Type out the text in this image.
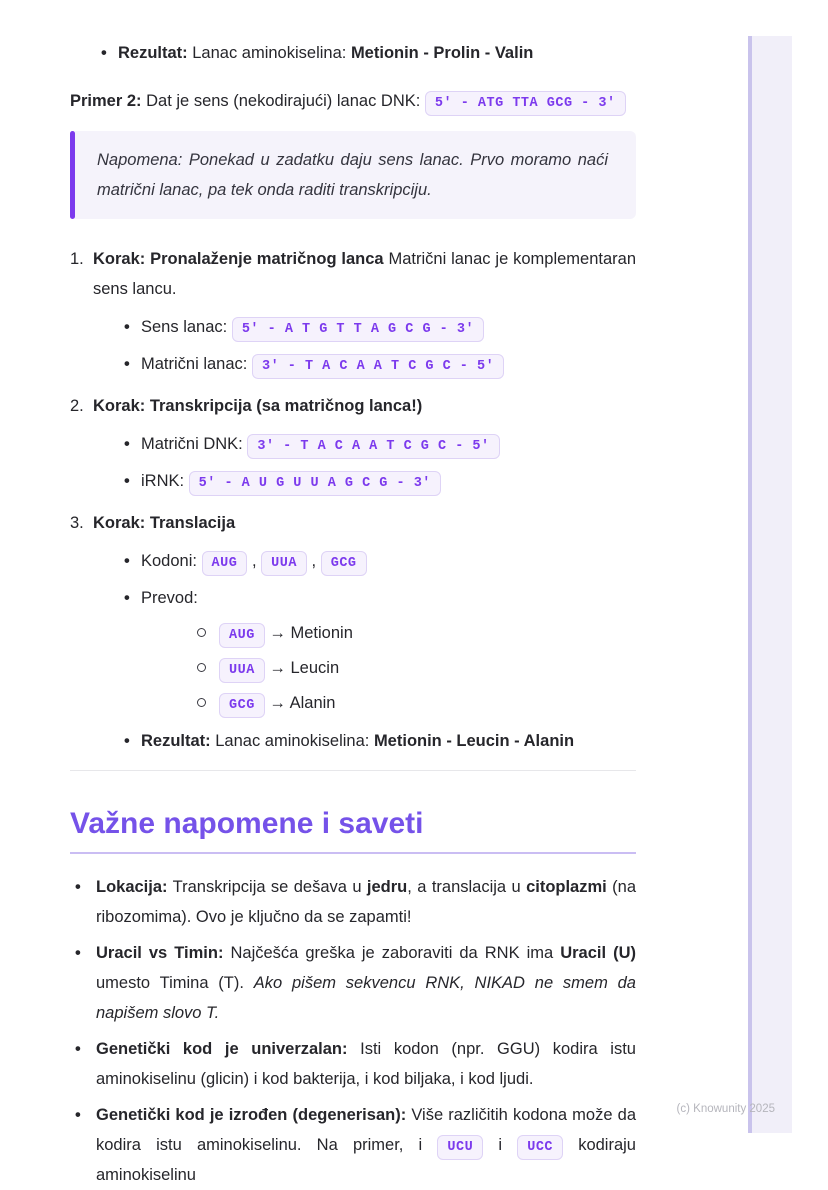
• Rezultat: Lanac aminokiselina: Metionin - Prolin - Valin

Primer 2: Dat je sens (nekodirajući) lanac DNK: 5' - ATG TTA GCG - 3'

Napomena: Ponekad u zadatku daju sens lanac. Prvo moramo naći matrični lanac, pa tek onda raditi transkripciju.
1. Korak: Pronalaženje matričnog lanca Matrični lanac je komplementaran sens lancu.
• Sens lanac: 5' - A T G T T A G C G - 3'
• Matrični lanac: 3' - T A C A A T C G C - 5'
2. Korak: Transkripcija (sa matričnog lanca!)
• Matrični DNK: 3' - T A C A A T C G C - 5'
• iRNK: 5' - A U G U U A G C G - 3'
3. Korak: Translacija
• Kodoni: AUG , UUA , GCG
• Prevod:
AUG → Metionin
UUA → Leucin
GCG → Alanin
• Rezultat: Lanac aminokiselina: Metionin - Leucin - Alanin
Važne napomene i saveti
• Lokacija: Transkripcija se dešava u jedru, a translacija u citoplazmi (na ribozomima). Ovo je ključno da se zapamti!
• Uracil vs Timin: Najčešća greška je zaboraviti da RNK ima Uracil (U) umesto Timina (T). Ako pišem sekvencu RNK, NIKAD ne smem da napišem slovo T.
• Genetički kod je univerzalan: Isti kodon (npr. GGU) kodira istu aminokiselinu (glicin) i kod bakterija, i kod biljaka, i kod ljudi.
• Genetički kod je izrođen (degenerisan): Više različitih kodona može da kodira istu aminokiselinu. Na primer, i UCU i UCC kodiraju aminokiselinu
(c) Knowunity 2025
